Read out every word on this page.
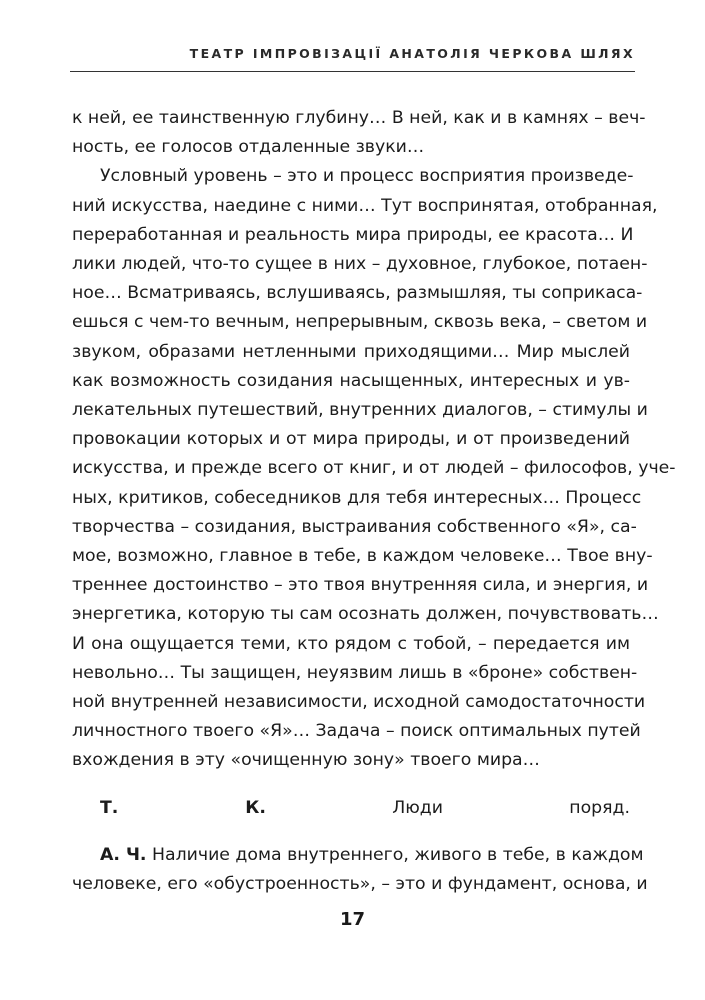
ТЕАТР ІМПРОВІЗАЦІЇ АНАТОЛІЯ ЧЕРКОВА ШЛЯХ

к ней, ее таинственную глубину… В ней, как и в камнях – веч-
ность, ее голосов отдаленные звуки…

Условный уровень – это и процесс восприятия произведе-
ний искусства, наедине с ними… Тут воспринятая, отобранная,
переработанная и реальность мира природы, ее красота… И
лики людей, что-то сущее в них – духовное, глубокое, потаен-
ное… Всматриваясь, вслушиваясь, размышляя, ты соприкаса-
ешься с чем-то вечным, непрерывным, сквозь века, – светом и
звуком, образами нетленными приходящими… Мир мыслей
как возможность созидания насыщенных, интересных и ув-
лекательных путешествий, внутренних диалогов, – стимулы и
провокации которых и от мира природы, и от произведений
искусства, и прежде всего от книг, и от людей – философов, уче-
ных, критиков, собеседников для тебя интересных… Процесс
творчества – созидания, выстраивания собственного «Я», са-
мое, возможно, главное в тебе, в каждом человеке… Твое вну-
треннее достоинство – это твоя внутренняя сила, и энергия, и
энергетика, которую ты сам осознать должен, почувствовать…
И она ощущается теми, кто рядом с тобой, – передается им
невольно… Ты защищен, неуязвим лишь в «броне» собствен-
ной внутренней независимости, исходной самодостаточности
личностного твоего «Я»… Задача – поиск оптимальных путей
вхождения в эту «очищенную зону» твоего мира…

Т. К.	Люди поряд.

А. Ч. Наличие дома внутреннего, живого в тебе, в каждом
человеке, его «обустроенность», – это и фундамент, основа, и

17
